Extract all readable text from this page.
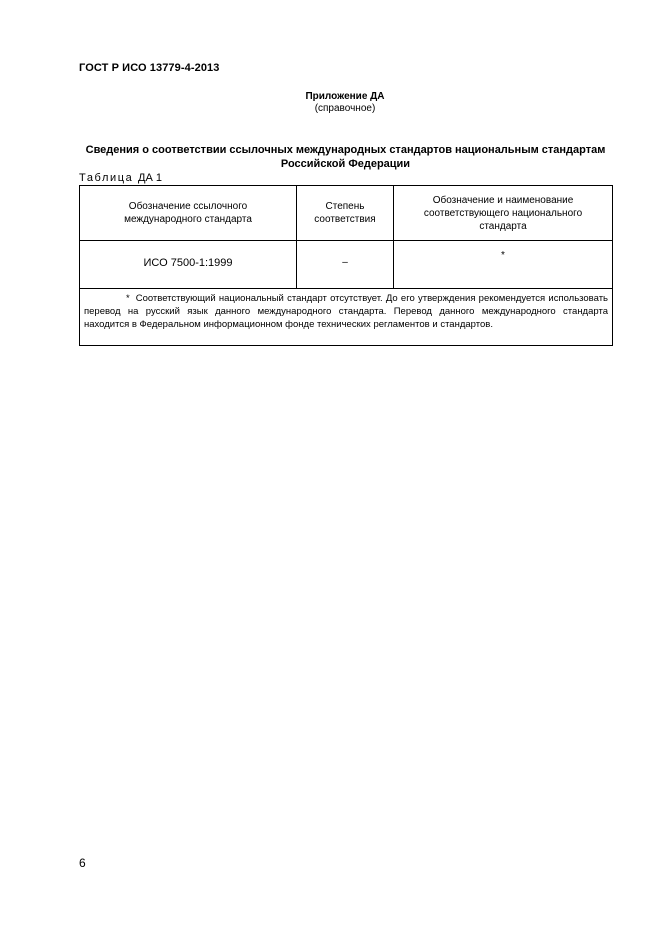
ГОСТ Р ИСО 13779-4-2013
Приложение ДА
(справочное)
Сведения о соответствии ссылочных международных стандартов национальным стандартам
Российской Федерации
Таблица ДА 1
Обозначение ссылочного международного стандарта	Степень соответствия	Обозначение и наименование соответствующего национального стандарта

ИСО 7500-1:1999	–	*

* Соответствующий национальный стандарт отсутствует. До его утверждения рекомендуется использовать перевод на русский язык данного международного стандарта. Перевод данного международного стандарта находится в Федеральном информационном фонде технических регламентов и стандартов.		
6
